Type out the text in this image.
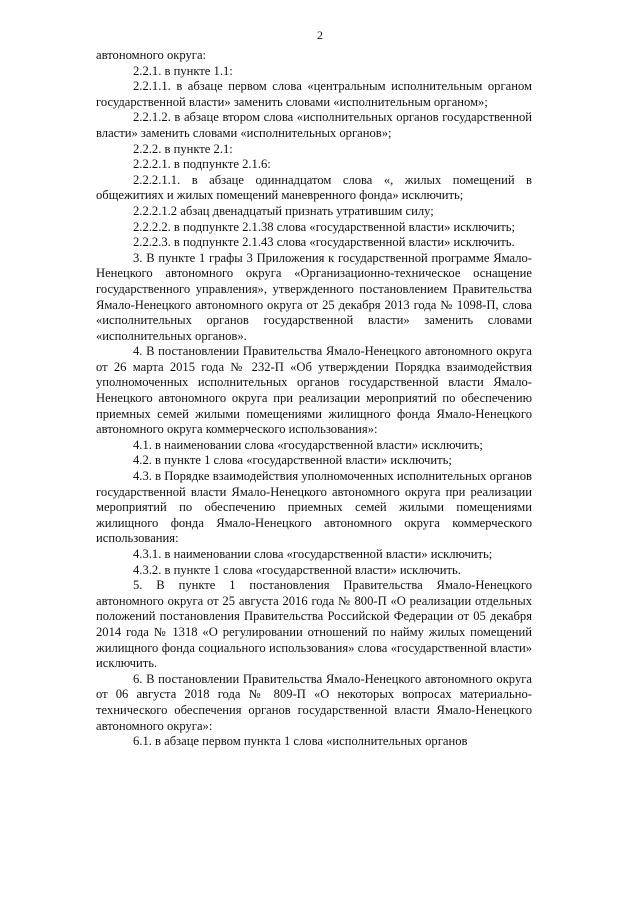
2

автономного округа:

2.2.1. в пункте 1.1:

2.2.1.1. в абзаце первом слова «центральным исполнительным органом государственной власти» заменить словами «исполнительным органом»;

2.2.1.2. в абзаце втором слова «исполнительных органов государственной власти» заменить словами «исполнительных органов»;

2.2.2. в пункте 2.1:

2.2.2.1. в подпункте 2.1.6:

2.2.2.1.1. в абзаце одиннадцатом слова «, жилых помещений в общежитиях и жилых помещений маневренного фонда» исключить;

2.2.2.1.2 абзац двенадцатый признать утратившим силу;

2.2.2.2. в подпункте 2.1.38 слова «государственной власти» исключить;

2.2.2.3. в подпункте 2.1.43 слова «государственной власти» исключить.

3. В пункте 1 графы 3 Приложения к государственной программе Ямало-Ненецкого автономного округа «Организационно-техническое оснащение государственного управления», утвержденного постановлением Правительства Ямало-Ненецкого автономного округа от 25 декабря 2013 года № 1098-П, слова «исполнительных органов государственной власти» заменить словами «исполнительных органов».

4. В постановлении Правительства Ямало-Ненецкого автономного округа от 26 марта 2015 года № 232-П «Об утверждении Порядка взаимодействия уполномоченных исполнительных органов государственной власти Ямало-Ненецкого автономного округа при реализации мероприятий по обеспечению приемных семей жилыми помещениями жилищного фонда Ямало-Ненецкого автономного округа коммерческого использования»:

4.1. в наименовании слова «государственной власти» исключить;

4.2. в пункте 1 слова «государственной власти» исключить;

4.3. в Порядке взаимодействия уполномоченных исполнительных органов государственной власти Ямало-Ненецкого автономного округа при реализации мероприятий по обеспечению приемных семей жилыми помещениями жилищного фонда Ямало-Ненецкого автономного округа коммерческого использования:

4.3.1. в наименовании слова «государственной власти» исключить;

4.3.2. в пункте 1 слова «государственной власти» исключить.

5. В пункте 1 постановления Правительства Ямало-Ненецкого автономного округа от 25 августа 2016 года № 800-П «О реализации отдельных положений постановления Правительства Российской Федерации от 05 декабря 2014 года № 1318 «О регулировании отношений по найму жилых помещений жилищного фонда социального использования» слова «государственной власти» исключить.

6. В постановлении Правительства Ямало-Ненецкого автономного округа от 06 августа 2018 года № 809-П «О некоторых вопросах материально-технического обеспечения органов государственной власти Ямало-Ненецкого автономного округа»:

6.1. в абзаце первом пункта 1 слова «исполнительных органов
